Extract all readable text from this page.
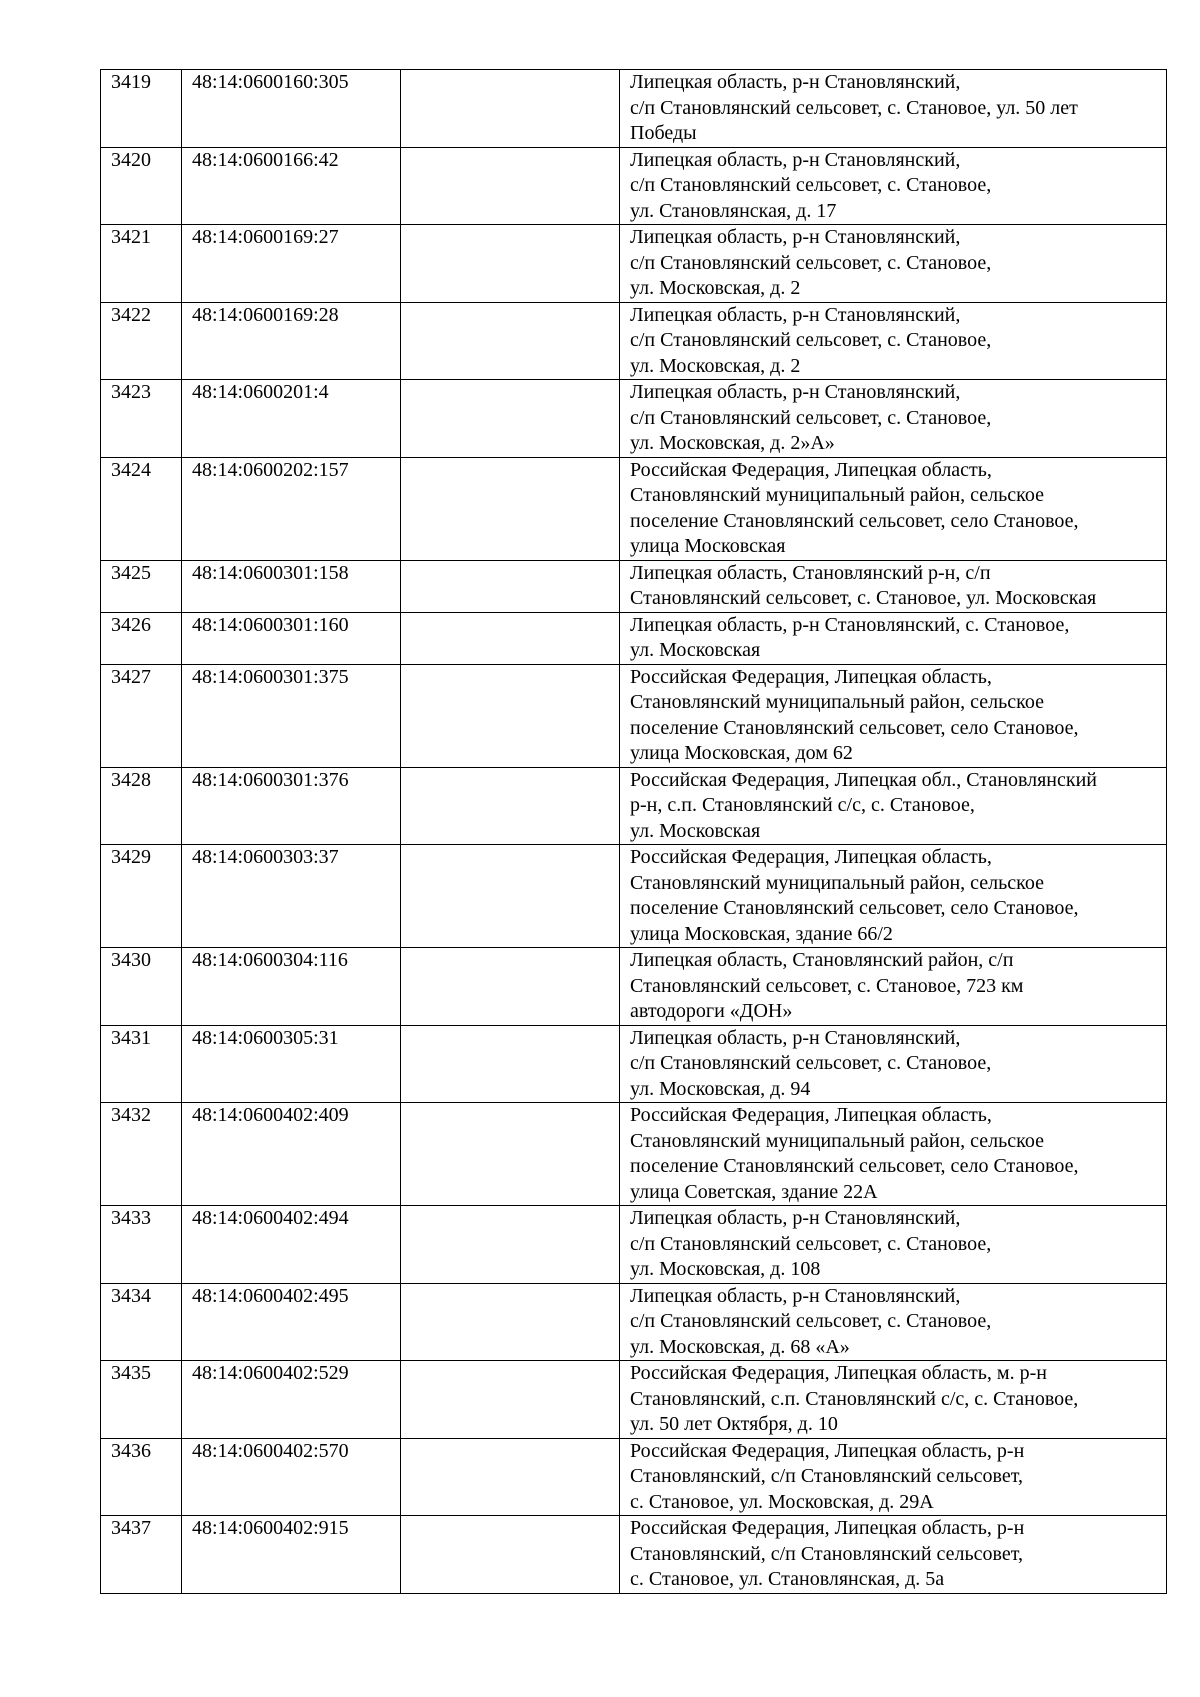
3419	48:14:0600160:305		Липецкая область, р-н Становлянский,
с/п Становлянский сельсовет, с. Становое, ул. 50 лет
Победы

3420	48:14:0600166:42		Липецкая область, р-н Становлянский,
с/п Становлянский сельсовет, с. Становое,
ул. Становлянская, д. 17

3421	48:14:0600169:27		Липецкая область, р-н Становлянский,
с/п Становлянский сельсовет, с. Становое,
ул. Московская, д. 2

3422	48:14:0600169:28		Липецкая область, р-н Становлянский,
с/п Становлянский сельсовет, с. Становое,
ул. Московская, д. 2

3423	48:14:0600201:4		Липецкая область, р-н Становлянский,
с/п Становлянский сельсовет, с. Становое,
ул. Московская, д. 2»А»

3424	48:14:0600202:157		Российская Федерация, Липецкая область,
Становлянский муниципальный район, сельское
поселение Становлянский сельсовет, село Становое,
улица Московская

3425	48:14:0600301:158		Липецкая область, Становлянский р-н, с/п
Становлянский сельсовет, с. Становое, ул. Московская

3426	48:14:0600301:160		Липецкая область, р-н Становлянский, с. Становое,
ул. Московская

3427	48:14:0600301:375		Российская Федерация, Липецкая область,
Становлянский муниципальный район, сельское
поселение Становлянский сельсовет, село Становое,
улица Московская, дом 62

3428	48:14:0600301:376		Российская Федерация, Липецкая обл., Становлянский
р-н, с.п. Становлянский с/с, с. Становое,
ул. Московская

3429	48:14:0600303:37		Российская Федерация, Липецкая область,
Становлянский муниципальный район, сельское
поселение Становлянский сельсовет, село Становое,
улица Московская, здание 66/2

3430	48:14:0600304:116		Липецкая область, Становлянский район, с/п
Становлянский сельсовет, с. Становое, 723 км
автодороги «ДОН»

3431	48:14:0600305:31		Липецкая область, р-н Становлянский,
с/п Становлянский сельсовет, с. Становое,
ул. Московская, д. 94

3432	48:14:0600402:409		Российская Федерация, Липецкая область,
Становлянский муниципальный район, сельское
поселение Становлянский сельсовет, село Становое,
улица Советская, здание 22А

3433	48:14:0600402:494		Липецкая область, р-н Становлянский,
с/п Становлянский сельсовет, с. Становое,
ул. Московская, д. 108

3434	48:14:0600402:495		Липецкая область, р-н Становлянский,
с/п Становлянский сельсовет, с. Становое,
ул. Московская, д. 68 «А»

3435	48:14:0600402:529		Российская Федерация, Липецкая область, м. р-н
Становлянский, с.п. Становлянский с/с, с. Становое,
ул. 50 лет Октября, д. 10

3436	48:14:0600402:570		Российская Федерация, Липецкая область, р-н
Становлянский, с/п Становлянский сельсовет,
с. Становое, ул. Московская, д. 29А

3437	48:14:0600402:915		Российская Федерация, Липецкая область, р-н
Становлянский, с/п Становлянский сельсовет,
с. Становое, ул. Становлянская, д. 5а
